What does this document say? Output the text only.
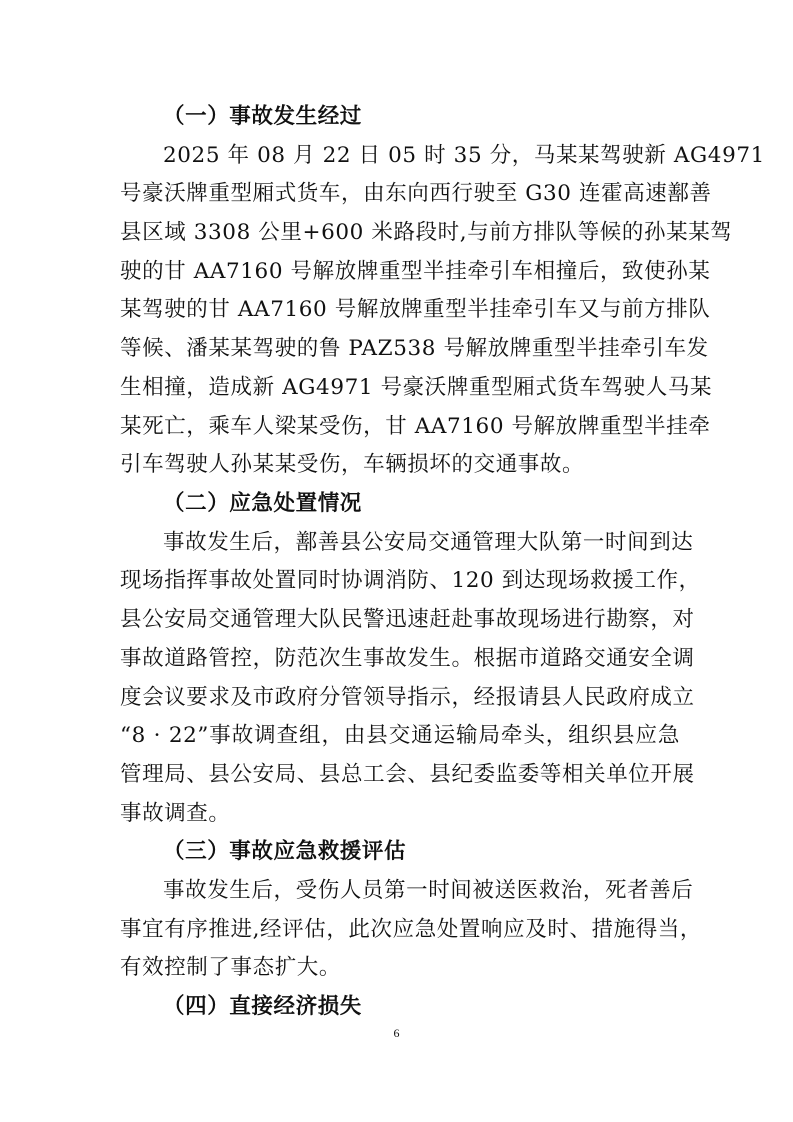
（一）事故发生经过
2025 年 08 月 22 日 05 时 35 分，马某某驾驶新 AG4971
号豪沃牌重型厢式货车，由东向西行驶至 G30 连霍高速鄯善
县区域 3308 公里+600 米路段时,与前方排队等候的孙某某驾
驶的甘 AA7160 号解放牌重型半挂牵引车相撞后，致使孙某
某驾驶的甘 AA7160 号解放牌重型半挂牵引车又与前方排队
等候、潘某某驾驶的鲁 PAZ538 号解放牌重型半挂牵引车发
生相撞，造成新 AG4971 号豪沃牌重型厢式货车驾驶人马某
某死亡，乘车人梁某受伤，甘 AA7160 号解放牌重型半挂牵
引车驾驶人孙某某受伤，车辆损坏的交通事故。
（二）应急处置情况
事故发生后，鄯善县公安局交通管理大队第一时间到达
现场指挥事故处置同时协调消防、120 到达现场救援工作，
县公安局交通管理大队民警迅速赶赴事故现场进行勘察，对
事故道路管控，防范次生事故发生。根据市道路交通安全调
度会议要求及市政府分管领导指示，经报请县人民政府成立
“8 · 22”事故调查组，由县交通运输局牵头，组织县应急
管理局、县公安局、县总工会、县纪委监委等相关单位开展
事故调查。
（三）事故应急救援评估
事故发生后，受伤人员第一时间被送医救治，死者善后
事宜有序推进,经评估，此次应急处置响应及时、措施得当，
有效控制了事态扩大。
（四）直接经济损失
6
